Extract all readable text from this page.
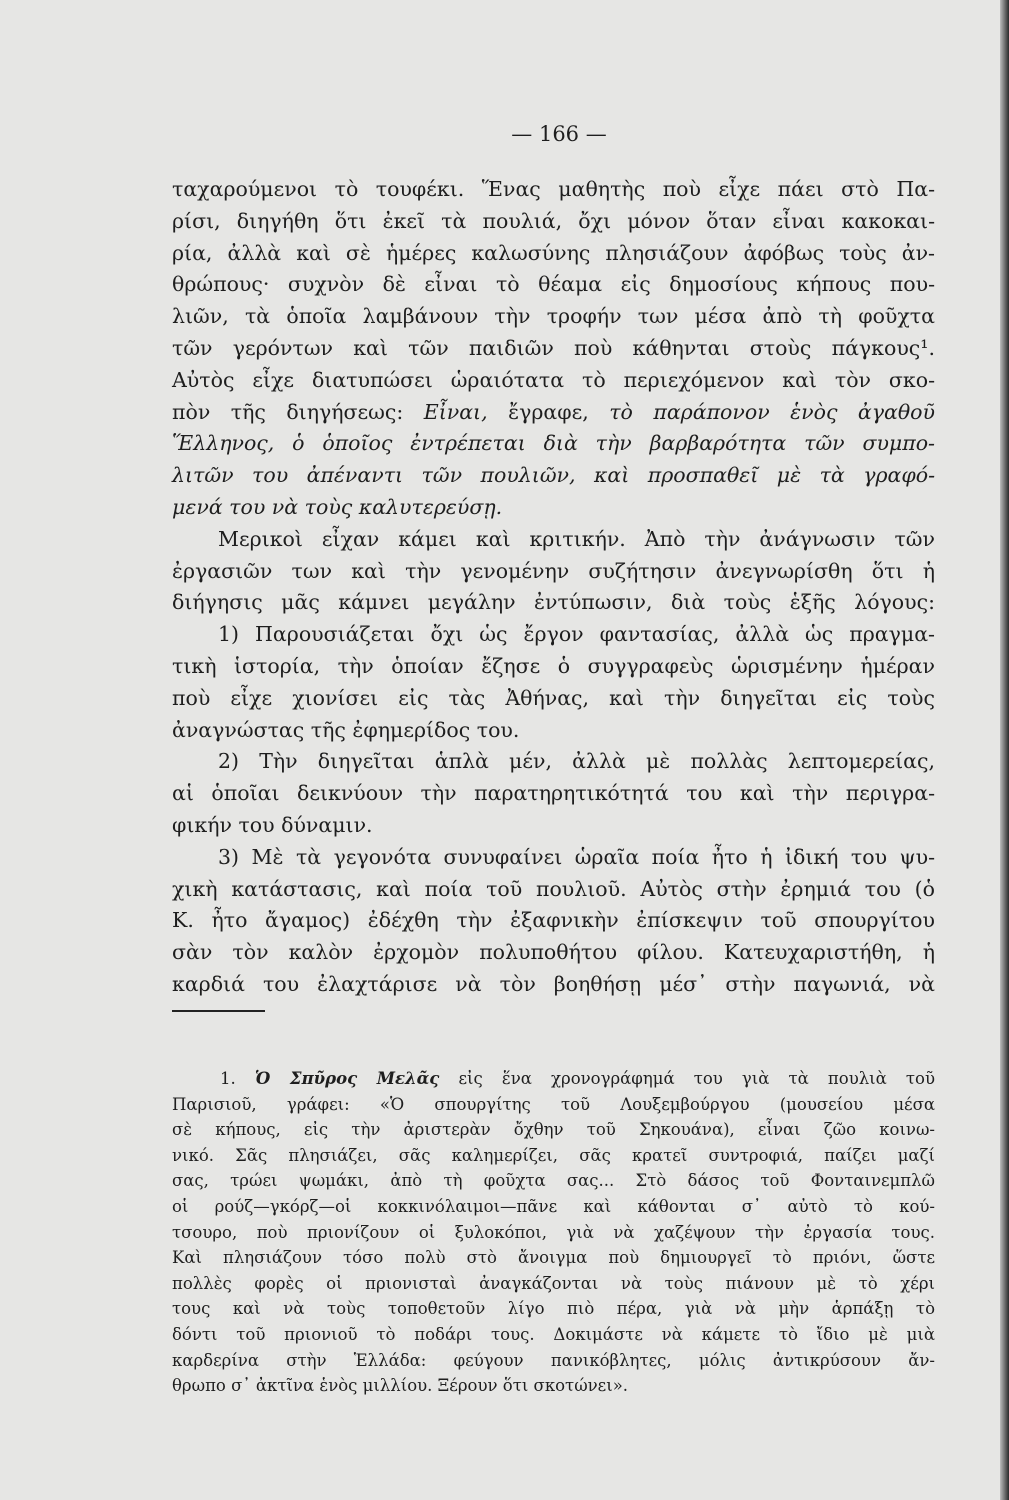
— 166 —
ταχαρούμενοι τὸ τουφέκι. Ἕνας μαθητὴς ποὺ εἶχε πάει στὸ Πα-
ρίσι, διηγήθη ὅτι ἐκεῖ τὰ πουλιά, ὄχι μόνον ὅταν εἶναι κακοκαι-
ρία, ἀλλὰ καὶ σὲ ἡμέρες καλωσύνης πλησιάζουν ἀφόβως τοὺς ἀν-
θρώπους· συχνὸν δὲ εἶναι τὸ θέαμα εἰς δημοσίους κήπους που-
λιῶν, τὰ ὁποῖα λαμβάνουν τὴν τροφήν των μέσα ἀπὸ τὴ φοῦχτα
τῶν γερόντων καὶ τῶν παιδιῶν ποὺ κάθηνται στοὺς πάγκους¹.
Αὐτὸς εἶχε διατυπώσει ὡραιότατα τὸ περιεχόμενον καὶ τὸν σκο-
πὸν τῆς διηγήσεως: Εἶναι, ἔγραφε, τὸ παράπονον ἑνὸς ἀγαθοῦ
Ἕλληνος, ὁ ὁποῖος ἐντρέπεται διὰ τὴν βαρβαρότητα τῶν συμπο-
λιτῶν του ἀπέναντι τῶν πουλιῶν, καὶ προσπαθεῖ μὲ τὰ γραφό-
μενά του νὰ τοὺς καλυτερεύσῃ.
Μερικοὶ εἶχαν κάμει καὶ κριτικήν. Ἀπὸ τὴν ἀνάγνωσιν τῶν
ἐργασιῶν των καὶ τὴν γενομένην συζήτησιν ἀνεγνωρίσθη ὅτι ἡ
διήγησις μᾶς κάμνει μεγάλην ἐντύπωσιν, διὰ τοὺς ἑξῆς λόγους:
1) Παρουσιάζεται ὄχι ὡς ἔργον φαντασίας, ἀλλὰ ὡς πραγμα-
τικὴ ἱστορία, τὴν ὁποίαν ἔζησε ὁ συγγραφεὺς ὡρισμένην ἡμέραν
ποὺ εἶχε χιονίσει εἰς τὰς Ἀθήνας, καὶ τὴν διηγεῖται εἰς τοὺς
ἀναγνώστας τῆς ἐφημερίδος του.
2) Τὴν διηγεῖται ἁπλὰ μέν, ἀλλὰ μὲ πολλὰς λεπτομερείας,
αἱ ὁποῖαι δεικνύουν τὴν παρατηρητικότητά του καὶ τὴν περιγρα-
φικήν του δύναμιν.
3) Μὲ τὰ γεγονότα συνυφαίνει ὡραῖα ποία ἦτο ἡ ἰδική του ψυ-
χικὴ κατάστασις, καὶ ποία τοῦ πουλιοῦ. Αὐτὸς στὴν ἐρημιά του (ὁ
Κ. ἦτο ἄγαμος) ἐδέχθη τὴν ἐξαφνικὴν ἐπίσκεψιν τοῦ σπουργίτου
σὰν τὸν καλὸν ἐρχομὸν πολυποθήτου φίλου. Κατευχαριστήθη, ἡ
καρδιά του ἐλαχτάρισε νὰ τὸν βοηθήσῃ μέσ᾽ στὴν παγωνιά, νὰ
1. Ὁ Σπῦρος Μελᾶς εἰς ἕνα χρονογράφημά του γιὰ τὰ πουλιὰ τοῦ
Παρισιοῦ, γράφει: «Ὁ σπουργίτης τοῦ Λουξεμβούργου (μουσείου μέσα
σὲ κήπους, εἰς τὴν ἀριστερὰν ὄχθην τοῦ Σηκουάνα), εἶναι ζῶο κοινω-
νικό. Σᾶς πλησιάζει, σᾶς καλημερίζει, σᾶς κρατεῖ συντροφιά, παίζει μαζί
σας, τρώει ψωμάκι, ἀπὸ τὴ φοῦχτα σας... Στὸ δάσος τοῦ Φονταινεμπλῶ
οἱ ρούζ—γκόρζ—οἱ κοκκινόλαιμοι—πᾶνε καὶ κάθονται σ᾽ αὐτὸ τὸ κού-
τσουρο, ποὺ πριονίζουν οἱ ξυλοκόποι, γιὰ νὰ χαζέψουν τὴν ἐργασία τους.
Καὶ πλησιάζουν τόσο πολὺ στὸ ἄνοιγμα ποὺ δημιουργεῖ τὸ πριόνι, ὥστε
πολλὲς φορὲς οἱ πριονισταὶ ἀναγκάζονται νὰ τοὺς πιάνουν μὲ τὸ χέρι
τους καὶ νὰ τοὺς τοποθετοῦν λίγο πιὸ πέρα, γιὰ νὰ μὴν ἁρπάξῃ τὸ
δόντι τοῦ πριονιοῦ τὸ ποδάρι τους. Δοκιμάστε νὰ κάμετε τὸ ἴδιο μὲ μιὰ
καρδερίνα στὴν Ἑλλάδα: φεύγουν πανικόβλητες, μόλις ἀντικρύσουν ἄν-
θρωπο σ᾽ ἀκτῖνα ἑνὸς μιλλίου. Ξέρουν ὅτι σκοτώνει».
